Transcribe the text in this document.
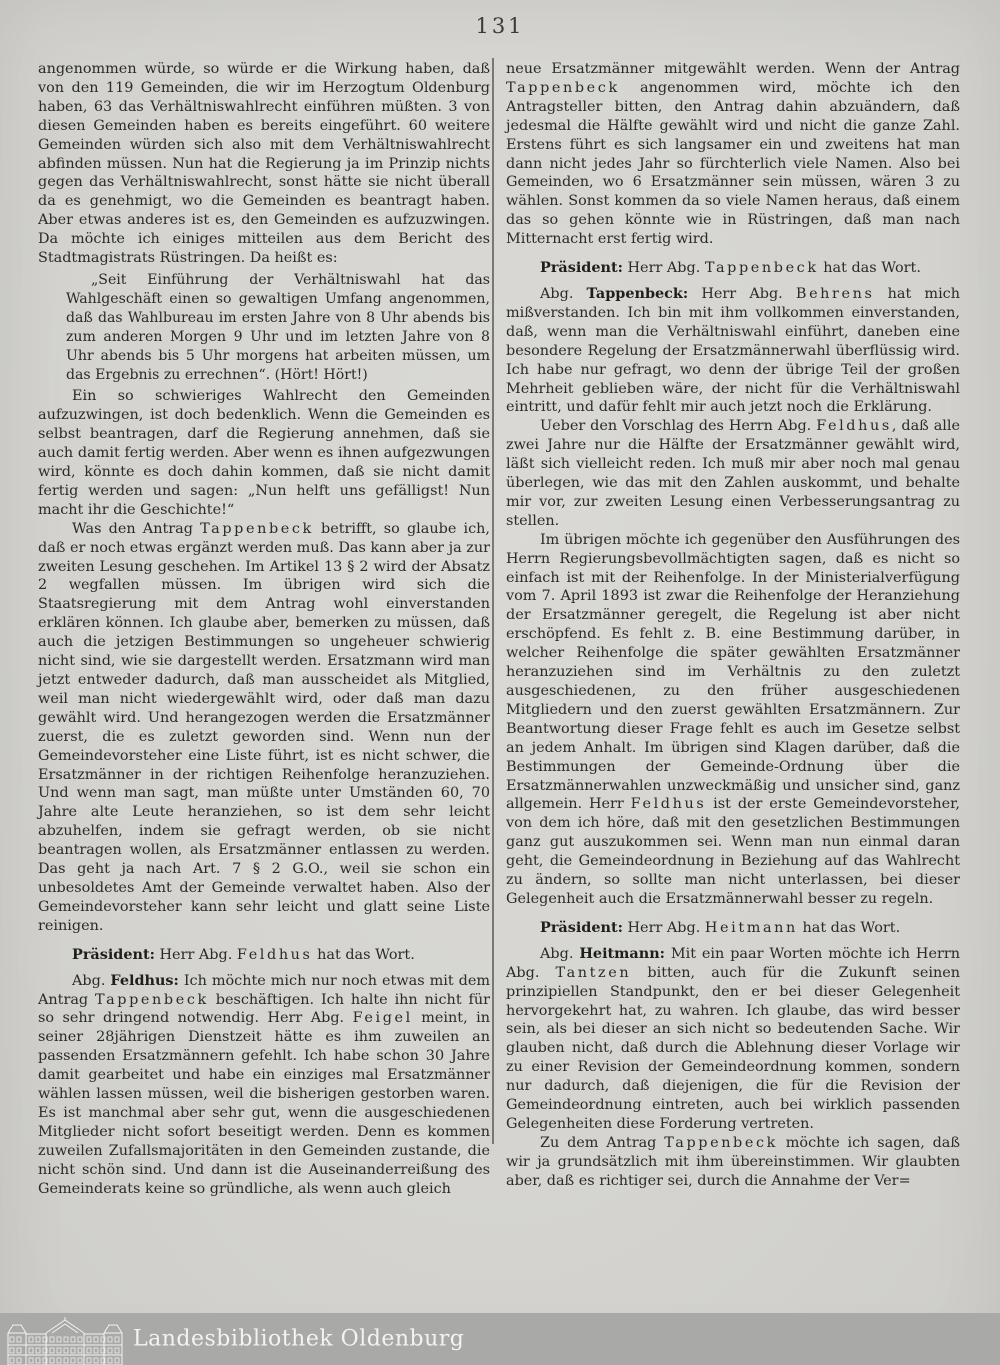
131

angenommen würde, so würde er die Wirkung haben, daß von den 119 Gemeinden, die wir im Herzogtum Oldenburg haben, 63 das Verhältniswahlrecht einführen müßten. 3 von diesen Gemeinden haben es bereits eingeführt. 60 weitere Gemeinden würden sich also mit dem Verhältniswahlrecht abfinden müssen. Nun hat die Regierung ja im Prinzip nichts gegen das Verhältniswahlrecht, sonst hätte sie nicht überall da es genehmigt, wo die Gemeinden es beantragt haben. Aber etwas anderes ist es, den Gemeinden es aufzuzwingen. Da möchte ich einiges mitteilen aus dem Bericht des Stadtmagistrats Rüstringen. Da heißt es:

„Seit Einführung der Verhältniswahl hat das Wahlgeschäft einen so gewaltigen Umfang angenommen, daß das Wahlbureau im ersten Jahre von 8 Uhr abends bis zum anderen Morgen 9 Uhr und im letzten Jahre von 8 Uhr abends bis 5 Uhr morgens hat arbeiten müssen, um das Ergebnis zu errechnen“. (Hört! Hört!)

Ein so schwieriges Wahlrecht den Gemeinden aufzuzwingen, ist doch bedenklich. Wenn die Gemeinden es selbst beantragen, darf die Regierung annehmen, daß sie auch damit fertig werden. Aber wenn es ihnen aufgezwungen wird, könnte es doch dahin kommen, daß sie nicht damit fertig werden und sagen: „Nun helft uns gefälligst! Nun macht ihr die Geschichte!“

Was den Antrag Tappenbeck betrifft, so glaube ich, daß er noch etwas ergänzt werden muß. Das kann aber ja zur zweiten Lesung geschehen. Im Artikel 13 § 2 wird der Absatz 2 wegfallen müssen. Im übrigen wird sich die Staatsregierung mit dem Antrag wohl einverstanden erklären können. Ich glaube aber, bemerken zu müssen, daß auch die jetzigen Bestimmungen so ungeheuer schwierig nicht sind, wie sie dargestellt werden. Ersatzmann wird man jetzt entweder dadurch, daß man ausscheidet als Mitglied, weil man nicht wiedergewählt wird, oder daß man dazu gewählt wird. Und herangezogen werden die Ersatzmänner zuerst, die es zuletzt geworden sind. Wenn nun der Gemeindevorsteher eine Liste führt, ist es nicht schwer, die Ersatzmänner in der richtigen Reihenfolge heranzuziehen. Und wenn man sagt, man müßte unter Umständen 60, 70 Jahre alte Leute heranziehen, so ist dem sehr leicht abzuhelfen, indem sie gefragt werden, ob sie nicht beantragen wollen, als Ersatzmänner entlassen zu werden. Das geht ja nach Art. 7 § 2 G.O., weil sie schon ein unbesoldetes Amt der Gemeinde verwaltet haben. Also der Gemeindevorsteher kann sehr leicht und glatt seine Liste reinigen.

Präsident: Herr Abg. Feldhus hat das Wort.

Abg. Feldhus: Ich möchte mich nur noch etwas mit dem Antrag Tappenbeck beschäftigen. Ich halte ihn nicht für so sehr dringend notwendig. Herr Abg. Feigel meint, in seiner 28jährigen Dienstzeit hätte es ihm zuweilen an passenden Ersatzmännern gefehlt. Ich habe schon 30 Jahre damit gearbeitet und habe ein einziges mal Ersatzmänner wählen lassen müssen, weil die bisherigen gestorben waren. Es ist manchmal aber sehr gut, wenn die ausgeschiedenen Mitglieder nicht sofort beseitigt werden. Denn es kommen zuweilen Zufallsmajoritäten in den Gemeinden zustande, die nicht schön sind. Und dann ist die Auseinanderreißung des Gemeinderats keine so gründliche, als wenn auch gleich

neue Ersatzmänner mitgewählt werden. Wenn der Antrag Tappenbeck angenommen wird, möchte ich den Antragsteller bitten, den Antrag dahin abzuändern, daß jedesmal die Hälfte gewählt wird und nicht die ganze Zahl. Erstens führt es sich langsamer ein und zweitens hat man dann nicht jedes Jahr so fürchterlich viele Namen. Also bei Gemeinden, wo 6 Ersatzmänner sein müssen, wären 3 zu wählen. Sonst kommen da so viele Namen heraus, daß einem das so gehen könnte wie in Rüstringen, daß man nach Mitternacht erst fertig wird.

Präsident: Herr Abg. Tappenbeck hat das Wort.

Abg. Tappenbeck: Herr Abg. Behrens hat mich mißverstanden. Ich bin mit ihm vollkommen einverstanden, daß, wenn man die Verhältniswahl einführt, daneben eine besondere Regelung der Ersatzmännerwahl überflüssig wird. Ich habe nur gefragt, wo denn der übrige Teil der großen Mehrheit geblieben wäre, der nicht für die Verhältniswahl eintritt, und dafür fehlt mir auch jetzt noch die Erklärung.

Ueber den Vorschlag des Herrn Abg. Feldhus, daß alle zwei Jahre nur die Hälfte der Ersatzmänner gewählt wird, läßt sich vielleicht reden. Ich muß mir aber noch mal genau überlegen, wie das mit den Zahlen auskommt, und behalte mir vor, zur zweiten Lesung einen Verbesserungsantrag zu stellen.

Im übrigen möchte ich gegenüber den Ausführungen des Herrn Regierungsbevollmächtigten sagen, daß es nicht so einfach ist mit der Reihenfolge. In der Ministerialverfügung vom 7. April 1893 ist zwar die Reihenfolge der Heranziehung der Ersatzmänner geregelt, die Regelung ist aber nicht erschöpfend. Es fehlt z. B. eine Bestimmung darüber, in welcher Reihenfolge die später gewählten Ersatzmänner heranzuziehen sind im Verhältnis zu den zuletzt ausgeschiedenen, zu den früher ausgeschiedenen Mitgliedern und den zuerst gewählten Ersatzmännern. Zur Beantwortung dieser Frage fehlt es auch im Gesetze selbst an jedem Anhalt. Im übrigen sind Klagen darüber, daß die Bestimmungen der Gemeinde-Ordnung über die Ersatzmännerwahlen unzweckmäßig und unsicher sind, ganz allgemein. Herr Feldhus ist der erste Gemeindevorsteher, von dem ich höre, daß mit den gesetzlichen Bestimmungen ganz gut auszukommen sei. Wenn man nun einmal daran geht, die Gemeindeordnung in Beziehung auf das Wahlrecht zu ändern, so sollte man nicht unterlassen, bei dieser Gelegenheit auch die Ersatzmännerwahl besser zu regeln.

Präsident: Herr Abg. Heitmann hat das Wort.

Abg. Heitmann: Mit ein paar Worten möchte ich Herrn Abg. Tantzen bitten, auch für die Zukunft seinen prinzipiellen Standpunkt, den er bei dieser Gelegenheit hervorgekehrt hat, zu wahren. Ich glaube, das wird besser sein, als bei dieser an sich nicht so bedeutenden Sache. Wir glauben nicht, daß durch die Ablehnung dieser Vorlage wir zu einer Revision der Gemeindeordnung kommen, sondern nur dadurch, daß diejenigen, die für die Revision der Gemeindeordnung eintreten, auch bei wirklich passenden Gelegenheiten diese Forderung vertreten.

Zu dem Antrag Tappenbeck möchte ich sagen, daß wir ja grundsätzlich mit ihm übereinstimmen. Wir glaubten aber, daß es richtiger sei, durch die Annahme der Ver=

Landesbibliothek Oldenburg
